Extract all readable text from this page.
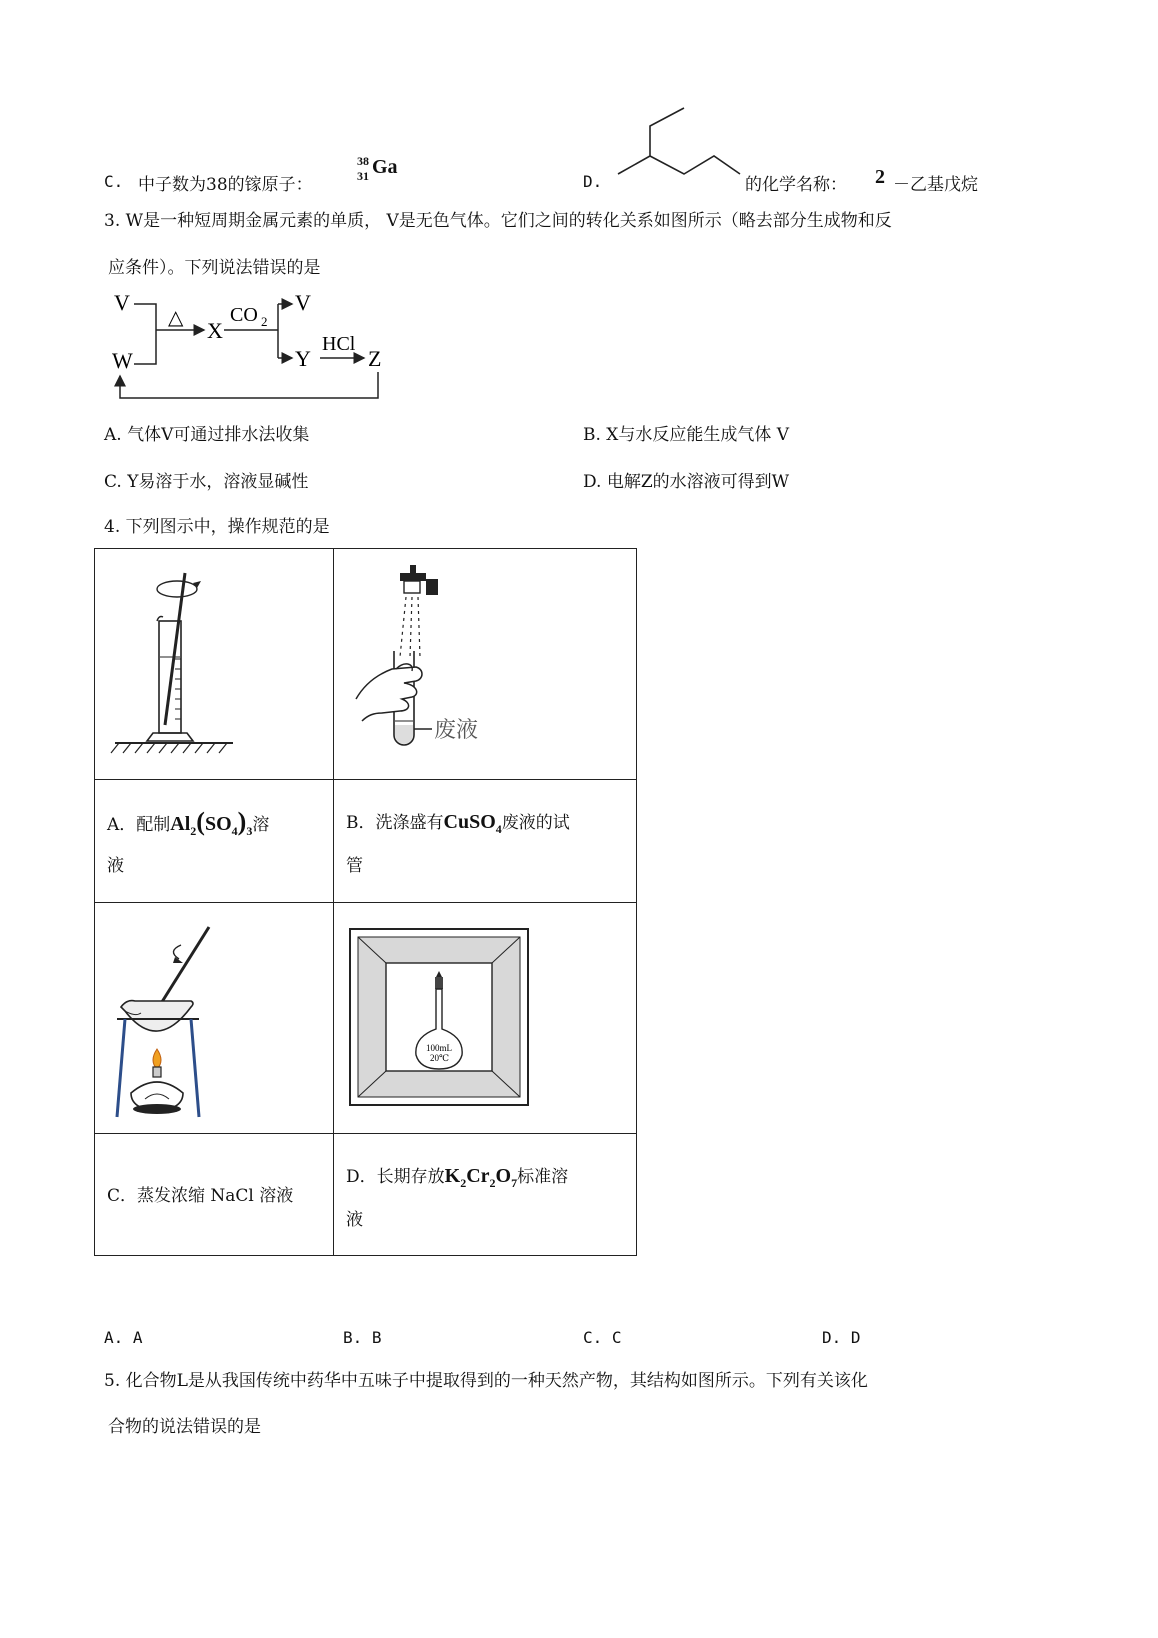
C. 中子数为38的镓原子：
38
31 Ga
D.	的化学名称： 2 －乙基戊烷
3. W是一种短周期金属元素的单质， V是无色气体。它们之间的转化关系如图所示（略去部分生成物和反
应条件）。下列说法错误的是
V
W
△ X
CO 2
V
Y
HCl
Z
A. 气体V可通过排水法收集	B. X与水反应能生成气体 V
C. Y易溶于水，溶液显碱性	D. 电解Z的水溶液可得到W
4. 下列图示中，操作规范的是
废液
A．配制$Al_2(SO_4)_3$溶
液
B．洗涤盛有CuSO$_4$废液的试
管
100mL
20℃
C．蒸发浓缩 NaCl 溶液
D．长期存放$K_2Cr_2O_7$标准溶
液
A. A	B. B	C. C	D. D
5. 化合物L是从我国传统中药华中五味子中提取得到的一种天然产物，其结构如图所示。下列有关该化
合物的说法错误的是
